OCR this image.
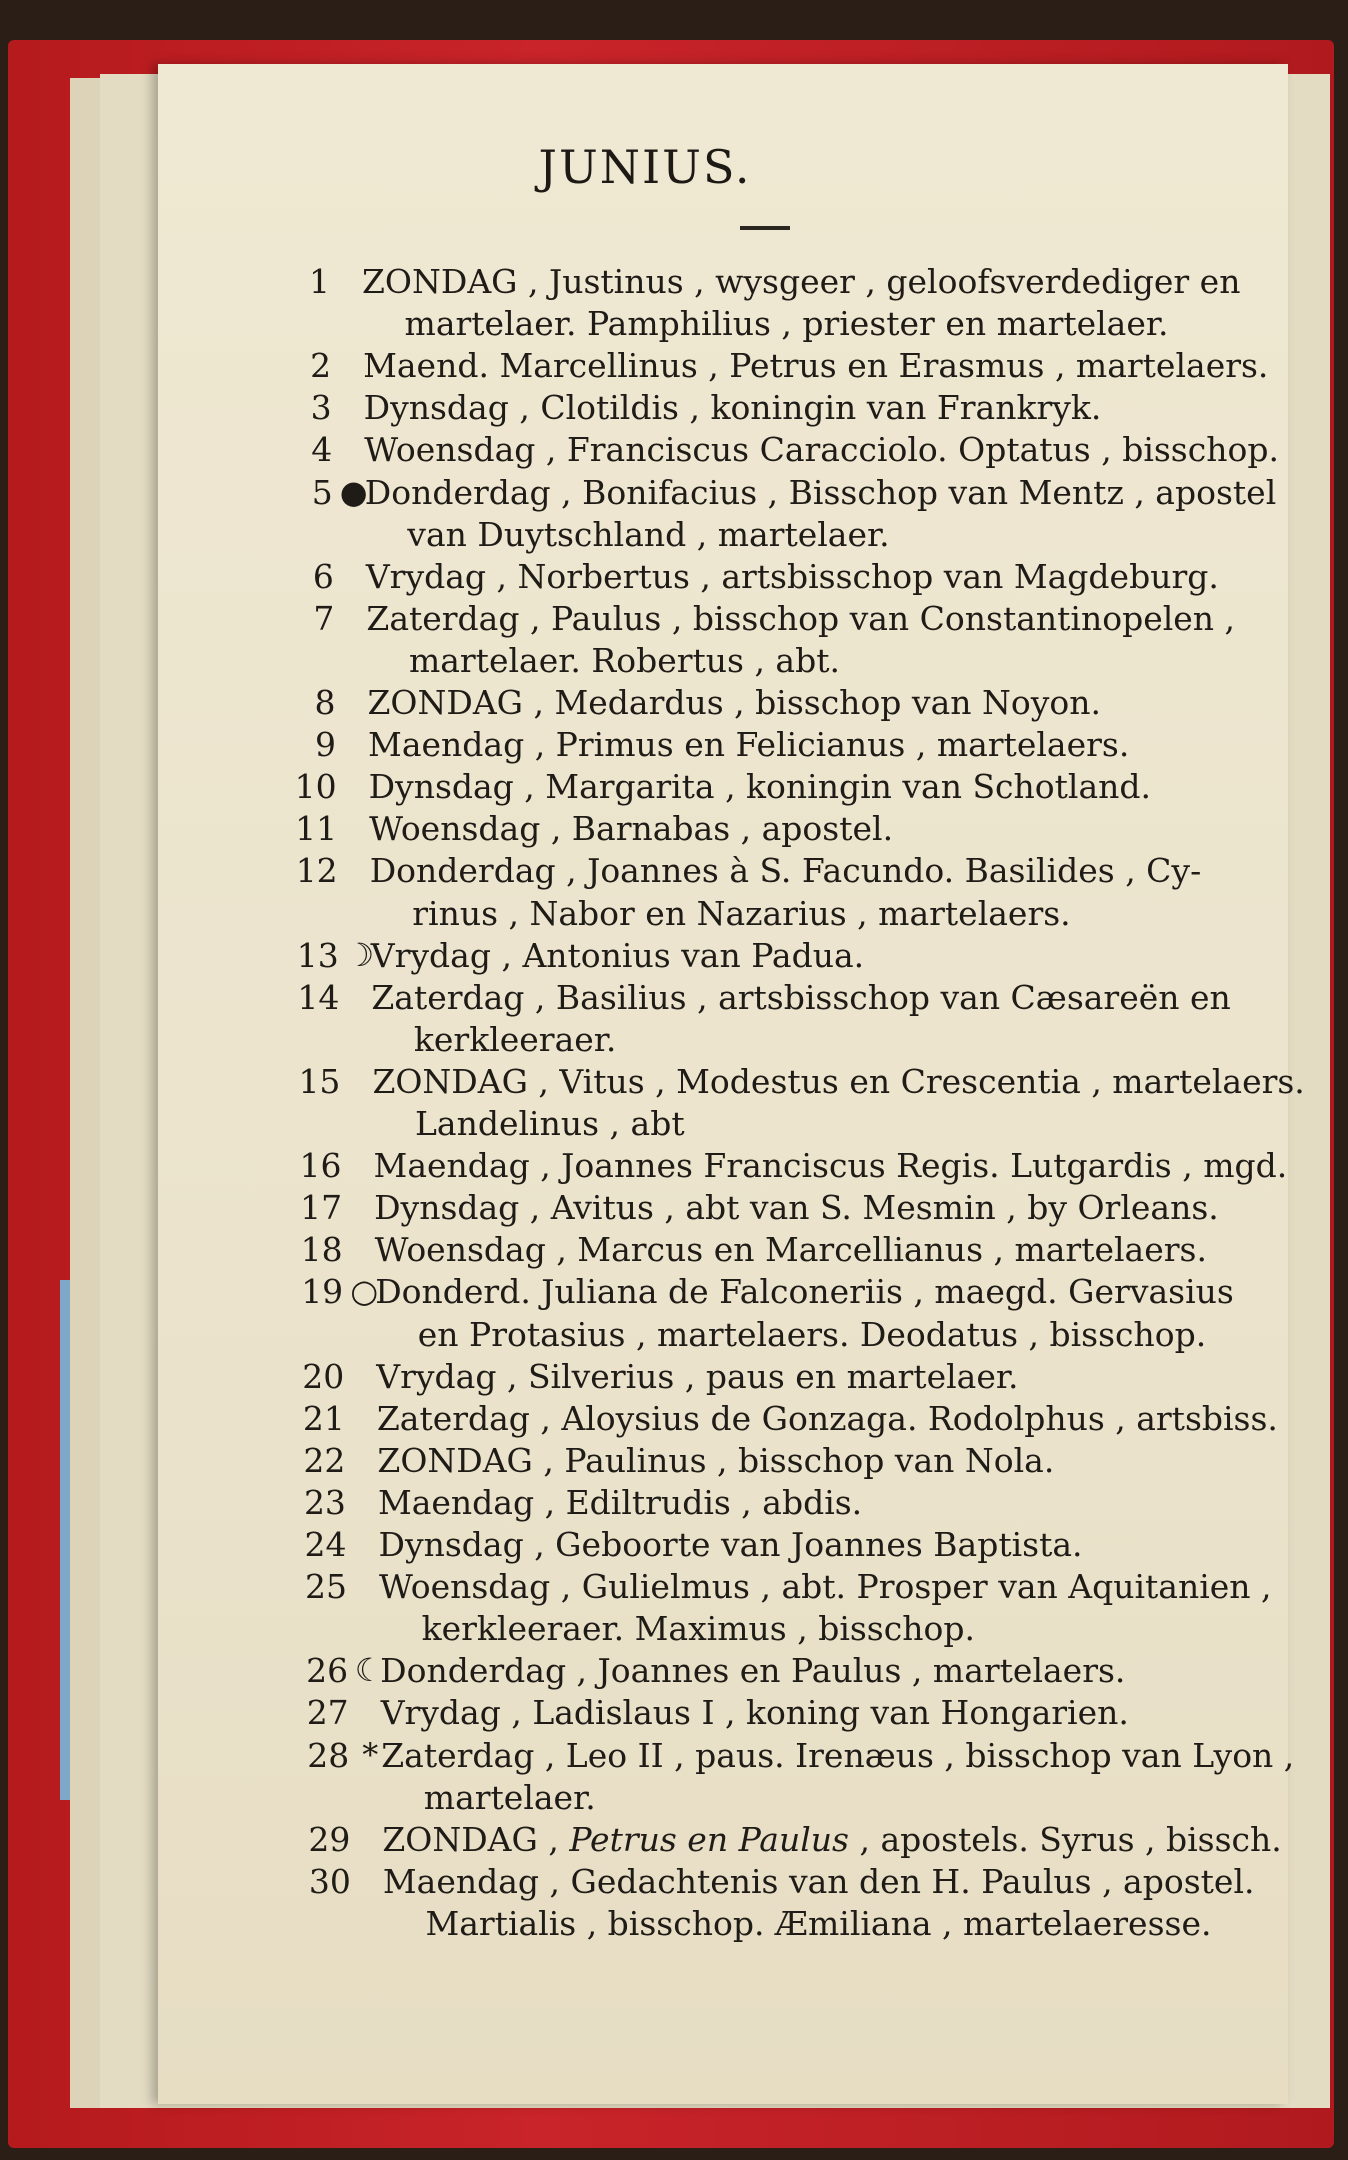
JUNIUS.
1 ZONDAG , Justinus , wysgeer , geloofsverdediger en
martelaer. Pamphilius , priester en martelaer.
2 Maend. Marcellinus , Petrus en Erasmus , martelaers.
3 Dynsdag , Clotildis , koningin van Frankryk.
4 Woensdag , Franciscus Caracciolo. Optatus , bisschop.
5 ●
Donderdag , Bonifacius , Bisschop van Mentz , apostel
van Duytschland , martelaer.
6 Vrydag , Norbertus , artsbisschop van Magdeburg.
7 Zaterdag , Paulus , bisschop van Constantinopelen ,
martelaer. Robertus , abt.
8 ZONDAG , Medardus , bisschop van Noyon.
9 Maendag , Primus en Felicianus , martelaers.
10 Dynsdag , Margarita , koningin van Schotland.
11 Woensdag , Barnabas , apostel.
12 Donderdag , Joannes à S. Facundo. Basilides , Cy-
rinus , Nabor en Nazarius , martelaers.
13 ☽
Vrydag , Antonius van Padua.
14 Zaterdag , Basilius , artsbisschop van Cæsareën en
kerkleeraer.
15 ZONDAG , Vitus , Modestus en Crescentia , martelaers.
Landelinus , abt
16 Maendag , Joannes Franciscus Regis. Lutgardis , mgd.
17 Dynsdag , Avitus , abt van S. Mesmin , by Orleans.
18 Woensdag , Marcus en Marcellianus , martelaers.
19 ○
Donderd. Juliana de Falconeriis , maegd. Gervasius
en Protasius , martelaers. Deodatus , bisschop.
20 Vrydag , Silverius , paus en martelaer.
21 Zaterdag , Aloysius de Gonzaga. Rodolphus , artsbiss.
22 ZONDAG , Paulinus , bisschop van Nola.
23 Maendag , Ediltrudis , abdis.
24 Dynsdag , Geboorte van Joannes Baptista.
25 Woensdag , Gulielmus , abt. Prosper van Aquitanien ,
kerkleeraer. Maximus , bisschop.
26 ☾
Donderdag , Joannes en Paulus , martelaers.
27 Vrydag , Ladislaus I , koning van Hongarien.
28 * Zaterdag , Leo II , paus. Irenæus , bisschop van Lyon ,
martelaer.
29 ZONDAG , Petrus en Paulus , apostels. Syrus , bissch.
30 Maendag , Gedachtenis van den H. Paulus , apostel.
Martialis , bisschop. Æmiliana , martelaeresse.
